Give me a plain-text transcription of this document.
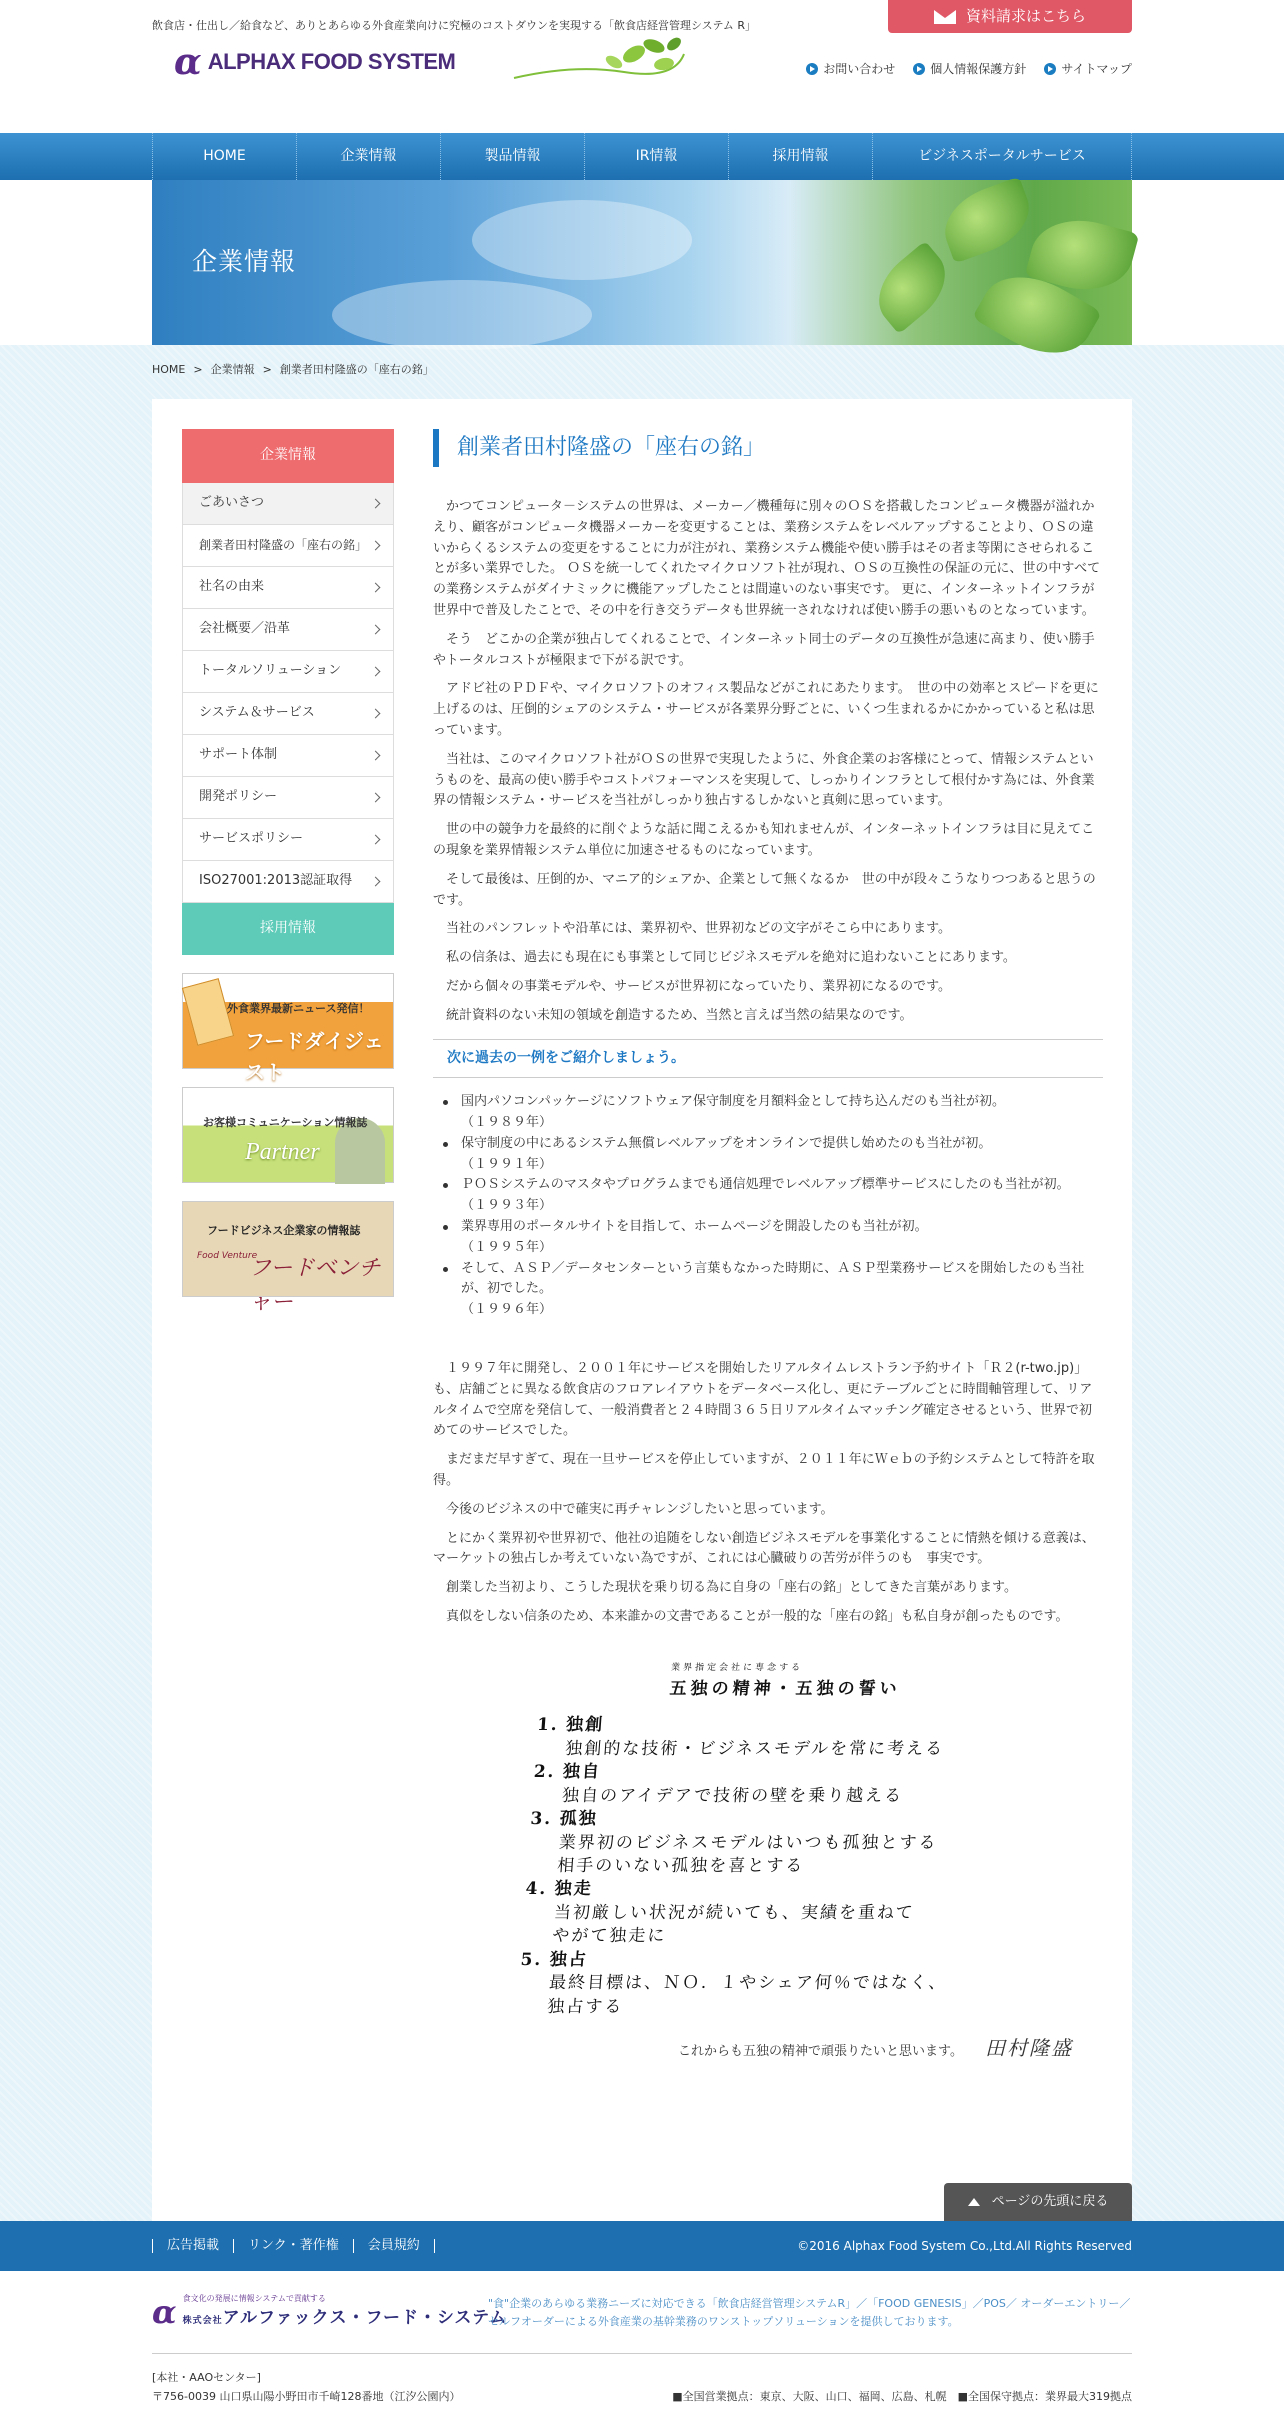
飲食店・仕出し／給食など、ありとあらゆる外食産業向けに究極のコストダウンを実現する「飲食店経営管理システム R」
α ALPHAX FOOD SYSTEM
資料請求はこちら
お問い合わせ	個人情報保護方針	サイトマップ
HOME	企業情報	製品情報	IR情報	採用情報	ビジネスポータルサービス
企業情報
HOME > 企業情報 > 創業者田村隆盛の「座右の銘」
企業情報
ごあいさつ
創業者田村隆盛の「座右の銘」
社名の由来
会社概要／沿革
トータルソリューション
システム＆サービス
サポート体制
開発ポリシー
サービスポリシー
ISO27001:2013認証取得
採用情報
外食業界最新ニュース発信！
フードダイジェスト
お客様コミュニケーション情報誌
Partner
フードビジネス企業家の情報誌
Food Venture
フードベンチャー
創業者田村隆盛の「座右の銘」

かつてコンピュータ－システムの世界は、メーカー／機種毎に別々のＯＳを搭載したコンピュータ機器が溢れかえり、顧客がコンピュータ機器メーカーを変更することは、業務システムをレベルアップすることより、ＯＳの違いからくるシステムの変更をすることに力が注がれ、業務システム機能や使い勝手はその者ま等閑にさせられることが多い業界でした。 ＯＳを統一してくれたマイクロソフト社が現れ、ＯＳの互換性の保証の元に、世の中すべての業務システムがダイナミックに機能アップしたことは間違いのない事実です。 更に、インターネットインフラが世界中で普及したことで、その中を行き交うデータも世界統一されなければ使い勝手の悪いものとなっています。

そう　どこかの企業が独占してくれることで、インターネット同士のデータの互換性が急速に高まり、使い勝手やトータルコストが極限まで下がる訳です。

アドビ社のＰＤＦや、マイクロソフトのオフィス製品などがこれにあたります。　世の中の効率とスピードを更に上げるのは、圧倒的シェアのシステム・サービスが各業界分野ごとに、いくつ生まれるかにかかっていると私は思っています。

当社は、このマイクロソフト社がＯＳの世界で実現したように、外食企業のお客様にとって、情報システムというものを、最高の使い勝手やコストパフォーマンスを実現して、しっかりインフラとして根付かす為には、外食業界の情報システム・サービスを当社がしっかり独占するしかないと真剣に思っています。

世の中の競争力を最終的に削ぐような話に聞こえるかも知れませんが、インターネットインフラは目に見えてこの現象を業界情報システム単位に加速させるものになっています。

そして最後は、圧倒的か、マニア的シェアか、企業として無くなるか　世の中が段々こうなりつつあると思うのです。

当社のパンフレットや沿革には、業界初や、世界初などの文字がそこら中にあります。

私の信条は、過去にも現在にも事業として同じビジネスモデルを絶対に追わないことにあります。

だから個々の事業モデルや、サービスが世界初になっていたり、業界初になるのです。

統計資料のない未知の領域を創造するため、当然と言えば当然の結果なのです。

次に過去の一例をご紹介しましょう。
国内パソコンパッケージにソフトウェア保守制度を月額料金として持ち込んだのも当社が初。
（１９８９年）
保守制度の中にあるシステム無償レベルアップをオンラインで提供し始めたのも当社が初。
（１９９１年）
ＰＯＳシステムのマスタやプログラムまでも通信処理でレベルアップ標準サービスにしたのも当社が初。
（１９９３年）
業界専用のポータルサイトを目指して、ホームページを開設したのも当社が初。
（１９９５年）
そして、ＡＳＰ／データセンターという言葉もなかった時期に、ＡＳＰ型業務サービスを開始したのも当社が、初でした。
（１９９６年）

１９９７年に開発し、２００１年にサービスを開始したリアルタイムレストラン予約サイト「Ｒ２(r-two.jp)」も、店舗ごとに異なる飲食店のフロアレイアウトをデータベース化し、更にテーブルごとに時間軸管理して、リアルタイムで空席を発信して、一般消費者と２４時間３６５日リアルタイムマッチング確定させるという、世界で初めてのサービスでした。

まだまだ早すぎて、現在一旦サービスを停止していますが、２０１１年にＷｅｂの予約システムとして特許を取得。

今後のビジネスの中で確実に再チャレンジしたいと思っています。

とにかく業界初や世界初で、他社の追随をしない創造ビジネスモデルを事業化することに情熱を傾ける意義は、マーケットの独占しか考えていない為ですが、これには心臓破りの苦労が伴うのも　事実です。

創業した当初より、こうした現状を乗り切る為に自身の「座右の銘」としてきた言葉があります。

真似をしない信条のため、本来誰かの文書であることが一般的な「座右の銘」も私自身が創ったものです。

業界指定会社に専念する
五独の精神・五独の誓い
1. 独創
独創的な技術・ビジネスモデルを常に考える
2. 独自
独自のアイデアで技術の壁を乗り越える
3. 孤独
業界初のビジネスモデルはいつも孤独とする
相手のいない孤独を喜とする
4. 独走
当初厳しい状況が続いても、実績を重ねて
やがて独走に
5. 独占
最終目標は、ＮＯ．１やシェア何％ではなく、
独占する
これからも五独の精神で頑張りたいと思います。 田村隆盛
ページの先頭に戻る
広告掲載	リンク・著作権	会員規約	©2016 Alphax Food System Co.,Ltd.All Rights Reserved
α 食文化の発展に情報システムで貢献する
株式会社アルファックス・フード・システム
"食"企業のあらゆる業務ニーズに対応できる「飲食店経営管理システムR」／「FOOD GENESIS」／POS／ オーダーエントリー／セルフオーダーによる外食産業の基幹業務のワンストップソリューションを提供しております。
[本社・AAOセンター]
〒756-0039 山口県山陽小野田市千崎128番地（江汐公園内）	■全国営業拠点：東京、大阪、山口、福岡、広島、札幌　■全国保守拠点：業界最大319拠点
